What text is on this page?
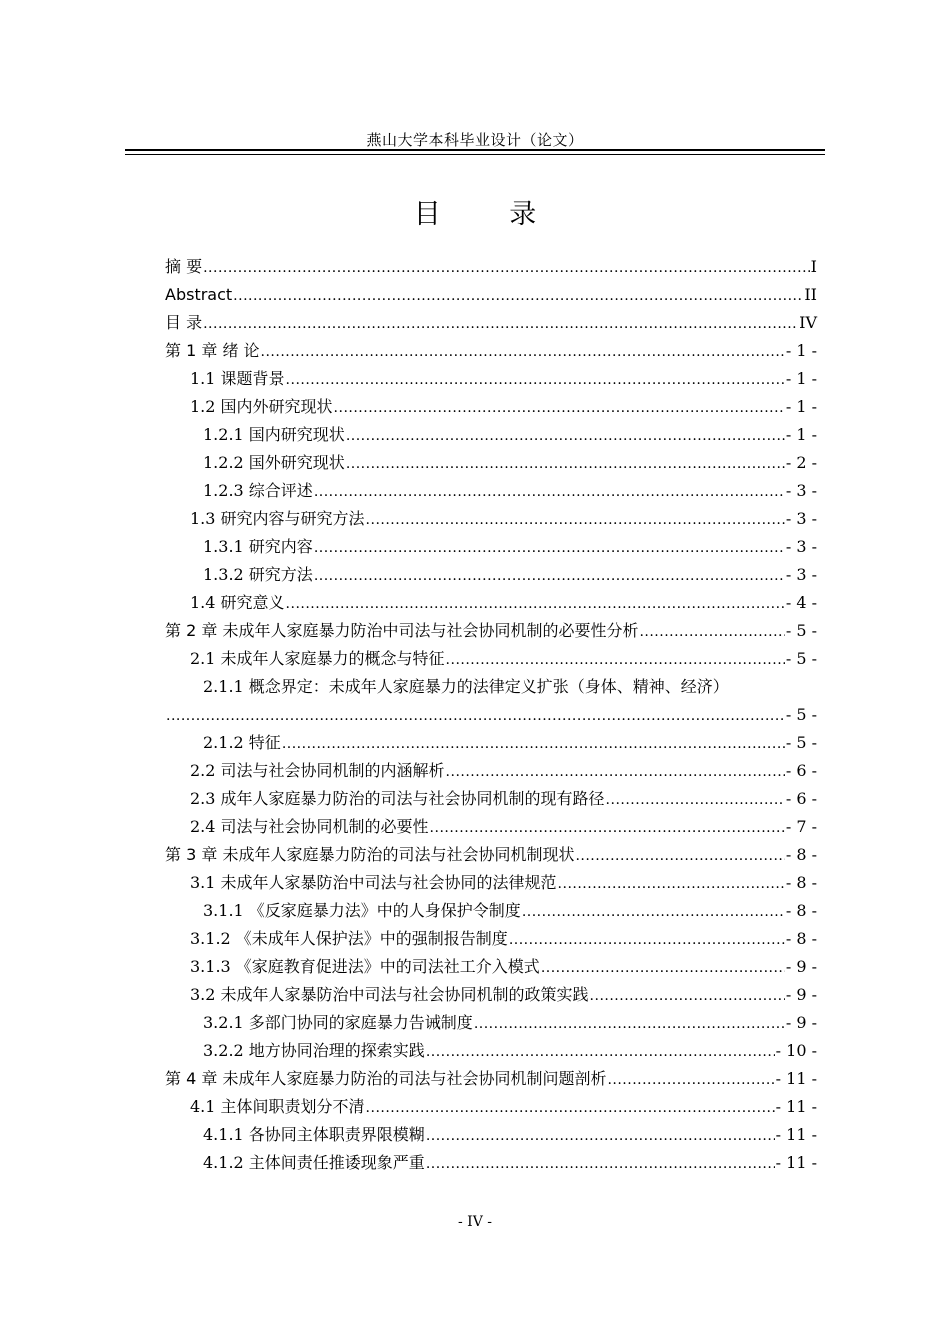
燕山大学本科毕业设计（论文）
目 录
摘 要 .....	I
Abstract .....	II
目 录 .....	IV
第 1 章 绪 论 .....	- 1 -
1.1 课题背景 .....	- 1 -
1.2 国内外研究现状 .....	- 1 -
1.2.1 国内研究现状 .....	- 1 -
1.2.2 国外研究现状 .....	- 2 -
1.2.3 综合评述 .....	- 3 -
1.3 研究内容与研究方法 .....	- 3 -
1.3.1 研究内容 .....	- 3 -
1.3.2 研究方法 .....	- 3 -
1.4 研究意义 .....	- 4 -
第 2 章 未成年人家庭暴力防治中司法与社会协同机制的必要性分析 .....	- 5 -
2.1 未成年人家庭暴力的概念与特征 .....	- 5 -
2.1.1 概念界定：未成年人家庭暴力的法律定义扩张（身体、精神、经济）
.....
- 5 -
2.1.2 特征 .....	- 5 -
2.2 司法与社会协同机制的内涵解析 .....	- 6 -
2.3 成年人家庭暴力防治的司法与社会协同机制的现有路径 .....	- 6 -
2.4 司法与社会协同机制的必要性 .....	- 7 -
第 3 章 未成年人家庭暴力防治的司法与社会协同机制现状 .....	- 8 -
3.1 未成年人家暴防治中司法与社会协同的法律规范 .....	- 8 -
3.1.1 《反家庭暴力法》中的人身保护令制度 .....	- 8 -
3.1.2 《未成年人保护法》中的强制报告制度 .....	- 8 -
3.1.3 《家庭教育促进法》中的司法社工介入模式 .....	- 9 -
3.2 未成年人家暴防治中司法与社会协同机制的政策实践 .....	- 9 -
3.2.1 多部门协同的家庭暴力告诫制度 .....	- 9 -
3.2.2 地方协同治理的探索实践 .....	- 10 -
第 4 章 未成年人家庭暴力防治的司法与社会协同机制问题剖析 .....	- 11 -
4.1 主体间职责划分不清 .....	- 11 -
4.1.1 各协同主体职责界限模糊 .....	- 11 -
4.1.2 主体间责任推诿现象严重 .....	- 11 -
- IV -
